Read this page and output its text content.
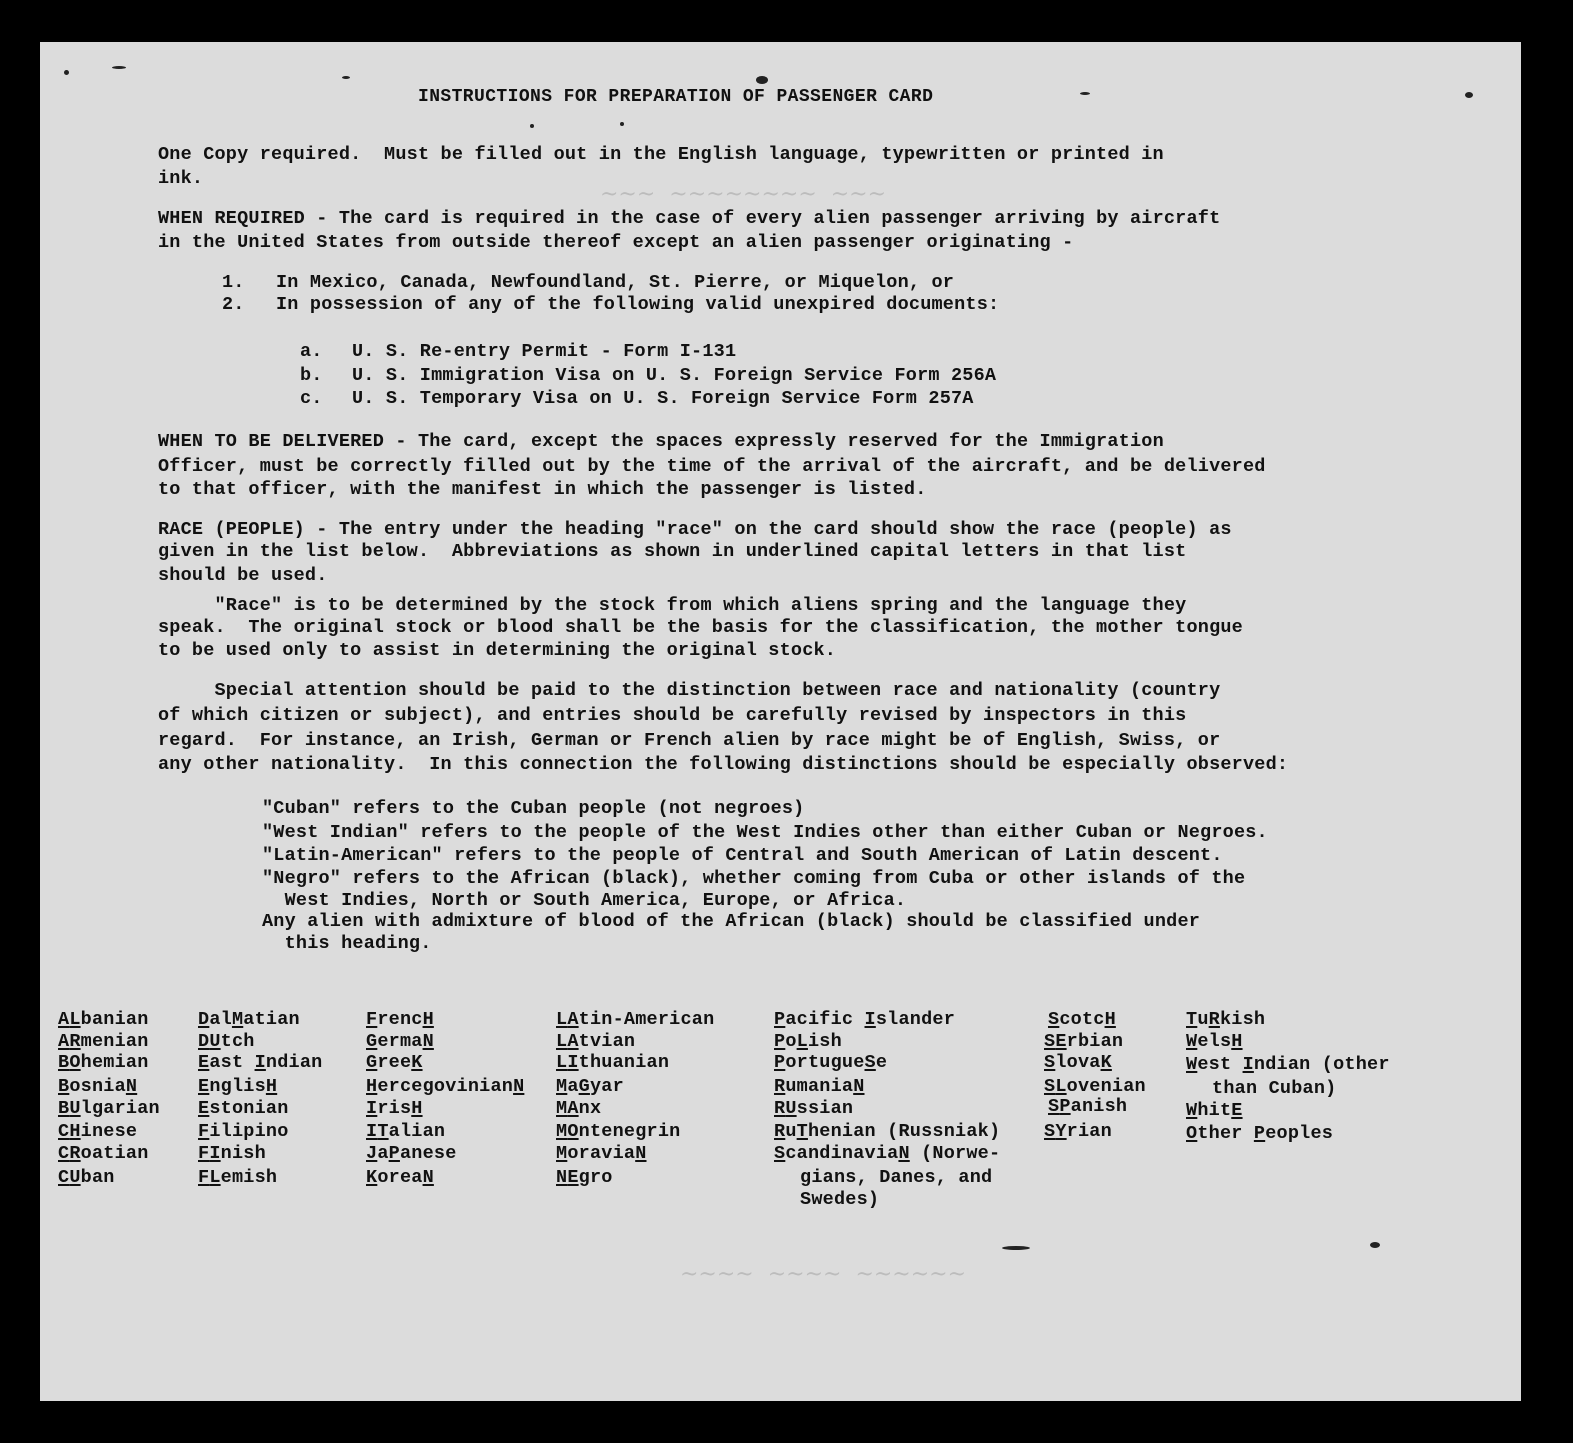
~~~  ~~~~~~~~  ~~~
~~~~  ~~~~  ~~~~~~
INSTRUCTIONS FOR PREPARATION OF PASSENGER CARD
One Copy required.  Must be filled out in the English language, typewritten or printed in
ink.
WHEN REQUIRED - The card is required in the case of every alien passenger arriving by aircraft
in the United States from outside thereof except an alien passenger originating -
1. In Mexico, Canada, Newfoundland, St. Pierre, or Miquelon, or
2. In possession of any of the following valid unexpired documents:
a. U. S. Re-entry Permit - Form I-131
b. U. S. Immigration Visa on U. S. Foreign Service Form 256A
c. U. S. Temporary Visa on U. S. Foreign Service Form 257A
WHEN TO BE DELIVERED - The card, except the spaces expressly reserved for the Immigration
Officer, must be correctly filled out by the time of the arrival of the aircraft, and be delivered
to that officer, with the manifest in which the passenger is listed.
RACE (PEOPLE) - The entry under the heading "race" on the card should show the race (people) as
given in the list below.  Abbreviations as shown in underlined capital letters in that list
should be used.
"Race" is to be determined by the stock from which aliens spring and the language they
speak.  The original stock or blood shall be the basis for the classification, the mother tongue
to be used only to assist in determining the original stock.
Special attention should be paid to the distinction between race and nationality (country
of which citizen or subject), and entries should be carefully revised by inspectors in this
regard.  For instance, an Irish, German or French alien by race might be of English, Swiss, or
any other nationality.  In this connection the following distinctions should be especially observed:
"Cuban" refers to the Cuban people (not negroes)
"West Indian" refers to the people of the West Indies other than either Cuban or Negroes.
"Latin-American" refers to the people of Central and South American of Latin descent.
"Negro" refers to the African (black), whether coming from Cuba or other islands of the
West Indies, North or South America, Europe, or Africa.
Any alien with admixture of blood of the African (black) should be classified under
this heading.
ALbanian
ARmenian
BOhemian
BosniaN
BUlgarian
CHinese
CRoatian
CUban
DalMatian
DUtch
East Indian
EnglisH
Estonian
Filipino
FInish
FLemish
FrencH
GermaN
GreeK
HercegovinianN
IrisH
ITalian
JaPanese
KoreaN
LAtin-American
LAtvian
LIthuanian
MaGyar
MAnx
MOntenegrin
MoraviaN
NEgro
Pacific Islander
PoLish
PortugueSe
RumaniaN
RUssian
RuThenian (Russniak)
ScandinaviaN (Norwe-
gians, Danes, and
Swedes)
ScotcH
SErbian
SlovaK
SLovenian
SPanish
SYrian
TuRkish
WelsH
West Indian (other
than Cuban)
WhitE
Other Peoples
